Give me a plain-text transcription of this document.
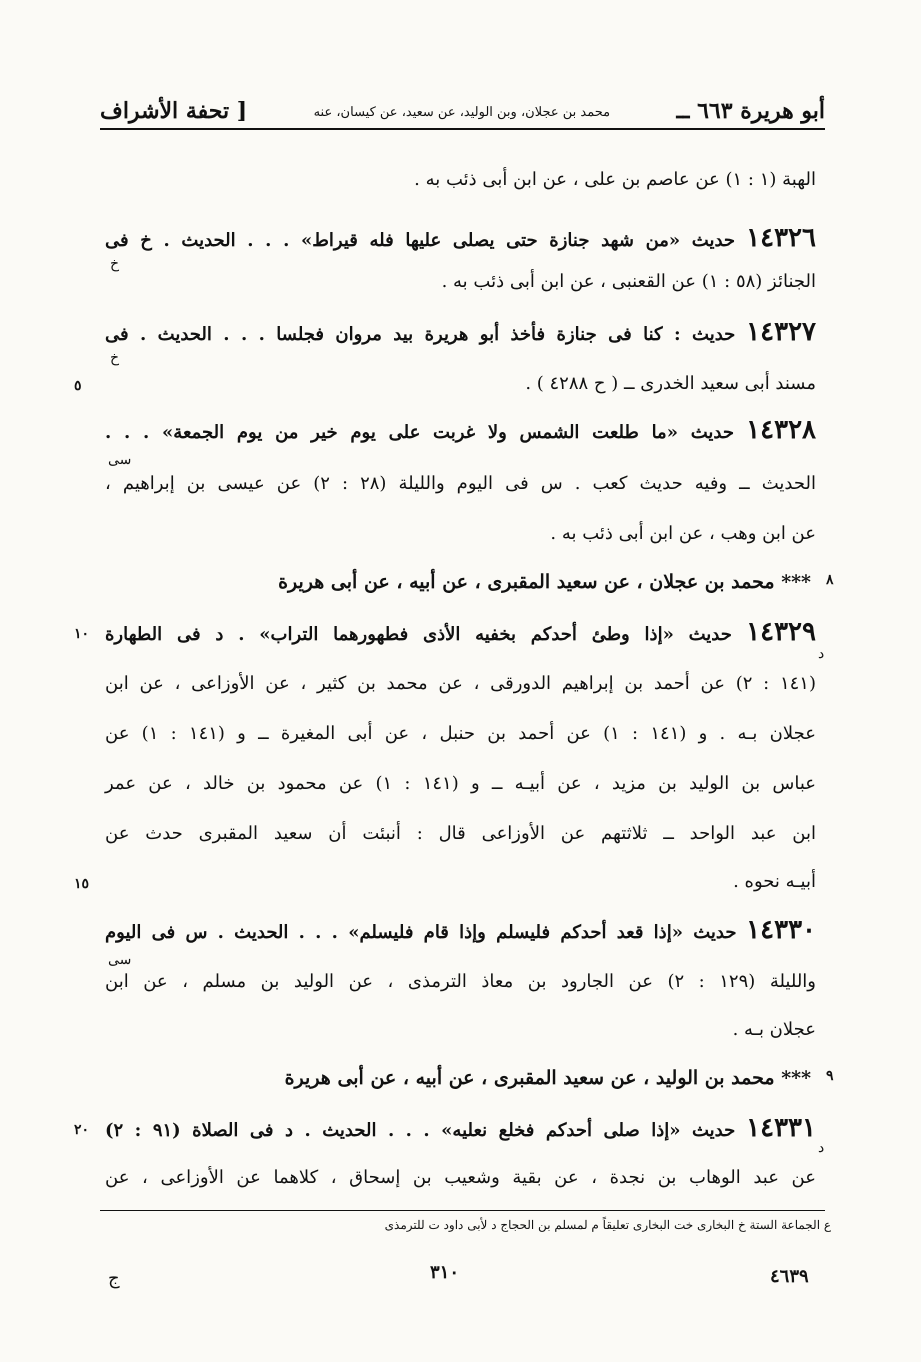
[ تحفة الأشراف	محمد بن عجلان، وبن الوليد، عن سعيد، عن كيسان، عنه	أبو هريرة ٦٦٣ ــ
الهبة (١ : ١) عن عاصم بن على ، عن ابن أبى ذئب به .
١٤٣٢٦ حديث «من شهد جنازة حتى يصلى عليها فله قيراط» . . . الحديث . خ فى
خ
الجنائز (٥٨ : ١) عن القعنبى ، عن ابن أبى ذئب به .
١٤٣٢٧ حديث : كنا فى جنازة فأخذ أبو هريرة بيد مروان فجلسا . . . الحديث . فى
خ
مسند أبى سعيد الخدرى ــ ( ح ٤٢٨٨ ) .
٥
١٤٣٢٨ حديث «ما طلعت الشمس ولا غربت على يوم خير من يوم الجمعة» . . .
سى
الحديث ــ وفيه حديث كعب . س فى اليوم والليلة (٢٨ : ٢) عن عيسى بن إبراهيم ،
عن ابن وهب ، عن ابن أبى ذئب به .
٨
*** محمد بن عجلان ، عن سعيد المقبرى ، عن أبيه ، عن أبى هريرة
١٤٣٢٩ حديث «إذا وطئ أحدكم بخفيه الأذى فطهورهما التراب» . د فى الطهارة
د
١٠
(١٤١ : ٢) عن أحمد بن إبراهيم الدورقى ، عن محمد بن كثير ، عن الأوزاعى ، عن ابن
عجلان بـه . و (١٤١ : ١) عن أحمد بن حنبل ، عن أبى المغيرة ــ و (١٤١ : ١) عن
عباس بن الوليد بن مزيد ، عن أبيـه ــ و (١٤١ : ١) عن محمود بن خالد ، عن عمر
ابن عبد الواحد ــ ثلاثتهم عن الأوزاعى قال : أنبئت أن سعيد المقبرى حدث عن
أبيـه نحوه .
١٥
١٤٣٣٠ حديث «إذا قعد أحدكم فليسلم وإذا قام فليسلم» . . . الحديث . س فى اليوم
سى
والليلة (١٢٩ : ٢) عن الجارود بن معاذ الترمذى ، عن الوليد بن مسلم ، عن ابن
عجلان بـه .
٩
*** محمد بن الوليد ، عن سعيد المقبرى ، عن أبيه ، عن أبى هريرة
١٤٣٣١ حديث «إذا صلى أحدكم فخلع نعليه» . . . الحديث . د فى الصلاة (٩١ : ٢)
د
٢٠
عن عبد الوهاب بن نجدة ، عن بقية وشعيب بن إسحاق ، كلاهما عن الأوزاعى ، عن
ع الجماعة الستة خ البخارى خت البخارى تعليقاً م لمسلم بن الحجاج د لأبى داود ت للترمذى
٤٦٣٩
٣١٠
ج
